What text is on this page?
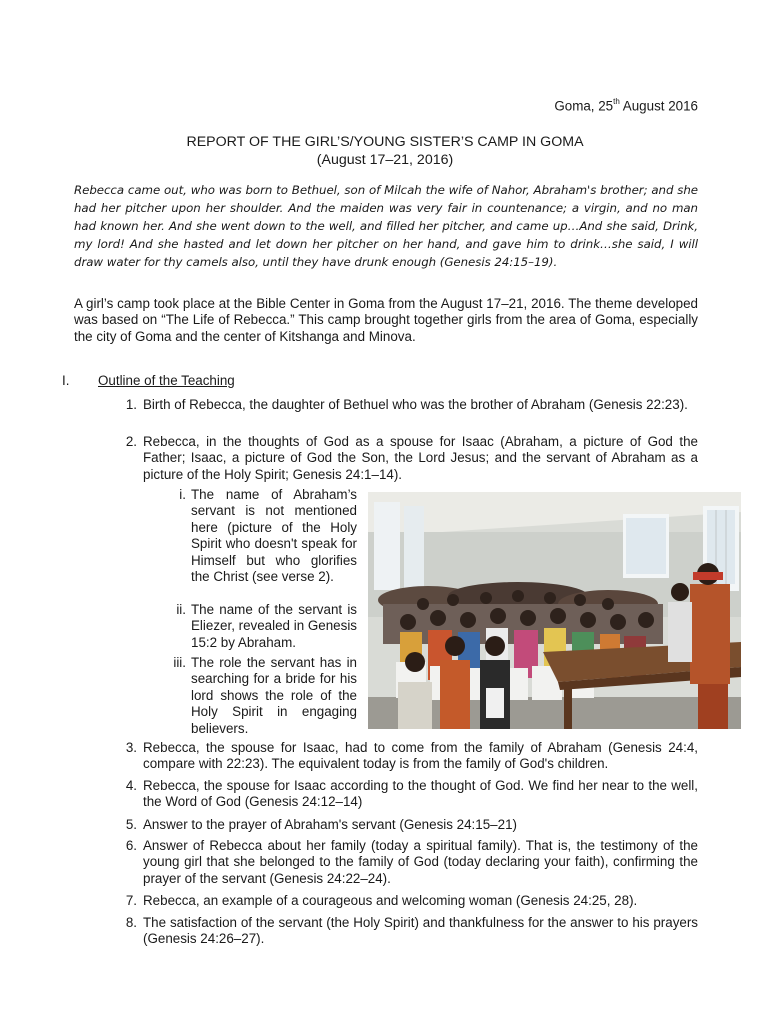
Goma, 25th August 2016
REPORT OF THE GIRL’S/YOUNG SISTER’S CAMP IN GOMA
(August 17–21, 2016)
Rebecca came out, who was born to Bethuel, son of Milcah the wife of Nahor, Abraham's brother; and she had her pitcher upon her shoulder. And the maiden was very fair in countenance; a virgin, and no man had known her. And she went down to the well, and filled her pitcher, and came up…And she said, Drink, my lord! And she hasted and let down her pitcher on her hand, and gave him to drink…she said, I will draw water for thy camels also, until they have drunk enough (Genesis 24:15–19).
A girl’s camp took place at the Bible Center in Goma from the August 17–21, 2016. The theme developed was based on “The Life of Rebecca.” This camp brought together girls from the area of Goma, especially the city of Goma and the center of Kitshanga and Minova.
I. Outline of the Teaching
1. Birth of Rebecca, the daughter of Bethuel who was the brother of Abraham (Genesis 22:23).
2. Rebecca, in the thoughts of God as a spouse for Isaac (Abraham, a picture of God the Father; Isaac, a picture of God the Son, the Lord Jesus; and the servant of Abraham as a picture of the Holy Spirit; Genesis 24:1–14).
i. The name of Abraham’s servant is not mentioned here (picture of the Holy Spirit who doesn't speak for Himself but who glorifies the Christ (see verse 2).
ii. The name of the servant is Eliezer, revealed in Genesis 15:2 by Abraham.
iii. The role the servant has in searching for a bride for his lord shows the role of the Holy Spirit in engaging believers.
3. Rebecca, the spouse for Isaac, had to come from the family of Abraham (Genesis 24:4, compare with 22:23). The equivalent today is from the family of God's children.
4. Rebecca, the spouse for Isaac according to the thought of God. We find her near to the well, the Word of God (Genesis 24:12–14)
5. Answer to the prayer of Abraham's servant (Genesis 24:15–21)
6. Answer of Rebecca about her family (today a spiritual family). That is, the testimony of the young girl that she belonged to the family of God (today declaring your faith), confirming the prayer of the servant (Genesis 24:22–24).
7. Rebecca, an example of a courageous and welcoming woman (Genesis 24:25, 28).
8. The satisfaction of the servant (the Holy Spirit) and thankfulness for the answer to his prayers (Genesis 24:26–27).
